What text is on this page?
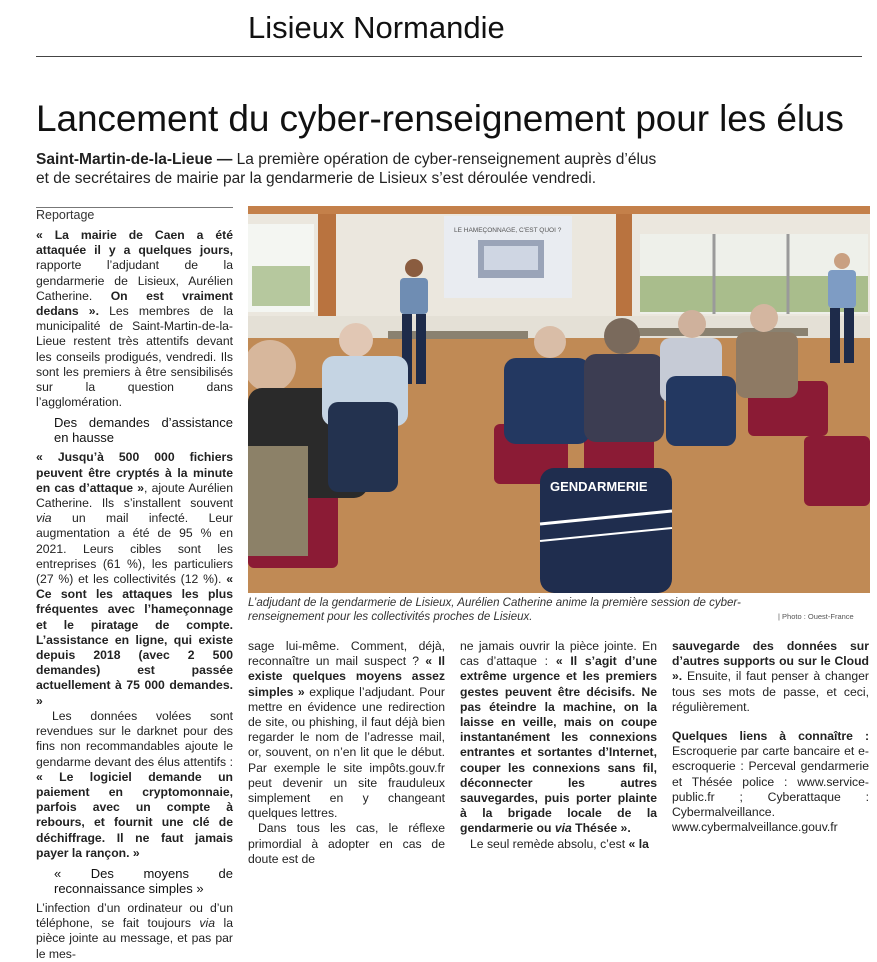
Lisieux Normandie
Lancement du cyber-renseignement pour les élus
Saint-Martin-de-la-Lieue — La première opération de cyber-renseignement auprès d’élus
et de secrétaires de mairie par la gendarmerie de Lisieux s’est déroulée vendredi.
Reportage

« La mairie de Caen a été attaquée il y a quelques jours, rapporte l’adjudant de la gendarmerie de Lisieux, Aurélien Catherine. On est vraiment dedans ». Les membres de la municipalité de Saint-Martin-de-la-Lieue restent très attentifs devant les conseils prodigués, vendredi. Ils sont les premiers à être sensibilisés sur la question dans l’agglomération.

Des demandes d’assistance en hausse

« Jusqu’à 500 000 fichiers peuvent être cryptés à la minute en cas d’attaque », ajoute Aurélien Catherine. Ils s’installent souvent via un mail infecté. Leur augmentation a été de 95 % en 2021. Leurs cibles sont les entreprises (61 %), les particuliers (27 %) et les collectivités (12 %). « Ce sont les attaques les plus fréquentes avec l’hameçonnage et le piratage de compte. L’assistance en ligne, qui existe depuis 2018 (avec 2 500 demandes) est passée actuellement à 75 000 demandes. »

Les données volées sont revendues sur le darknet pour des fins non recommandables ajoute le gendarme devant des élus attentifs : « Le logiciel demande un paiement en cryptomonnaie, parfois avec un compte à rebours, et fournit une clé de déchiffrage. Il ne faut jamais payer la rançon. »

« Des moyens de reconnaissance simples »

L’infection d’un ordinateur ou d’un téléphone, se fait toujours via la pièce jointe au message, et pas par le mes-

LE HAMEÇONNAGE, C'EST QUOI ?
GENDARMERIE
L’adjudant de la gendarmerie de Lisieux, Aurélien Catherine anime la première session de cyber-renseignement pour les collectivités proches de Lisieux.	| Photo : Ouest-France

sage lui-même. Comment, déjà, reconnaître un mail suspect ? « Il existe quelques moyens assez simples » explique l’adjudant. Pour mettre en évidence une redirection de site, ou phishing, il faut déjà bien regarder le nom de l’adresse mail, or, souvent, on n’en lit que le début. Par exemple le site impôts.gouv.fr peut devenir un site frauduleux simplement en y changeant quelques lettres.

Dans tous les cas, le réflexe primordial à adopter en cas de doute est de

ne jamais ouvrir la pièce jointe. En cas d’attaque : « Il s’agit d’une extrême urgence et les premiers gestes peuvent être décisifs. Ne pas éteindre la machine, on la laisse en veille, mais on coupe instantanément les connexions entrantes et sortantes d’Internet, couper les connexions sans fil, déconnecter les autres sauvegardes, puis porter plainte à la brigade locale de la gendarmerie ou via Thésée ».

Le seul remède absolu, c’est « la

sauvegarde des données sur d’autres supports ou sur le Cloud ». Ensuite, il faut penser à changer tous ses mots de passe, et ceci, régulièrement.

Quelques liens à connaître : Escroquerie par carte bancaire et e-escroquerie : Perceval gendarmerie et Thésée police : www.service-public.fr ; Cyberattaque : Cybermalveillance. www.cybermalveillance.gouv.fr
